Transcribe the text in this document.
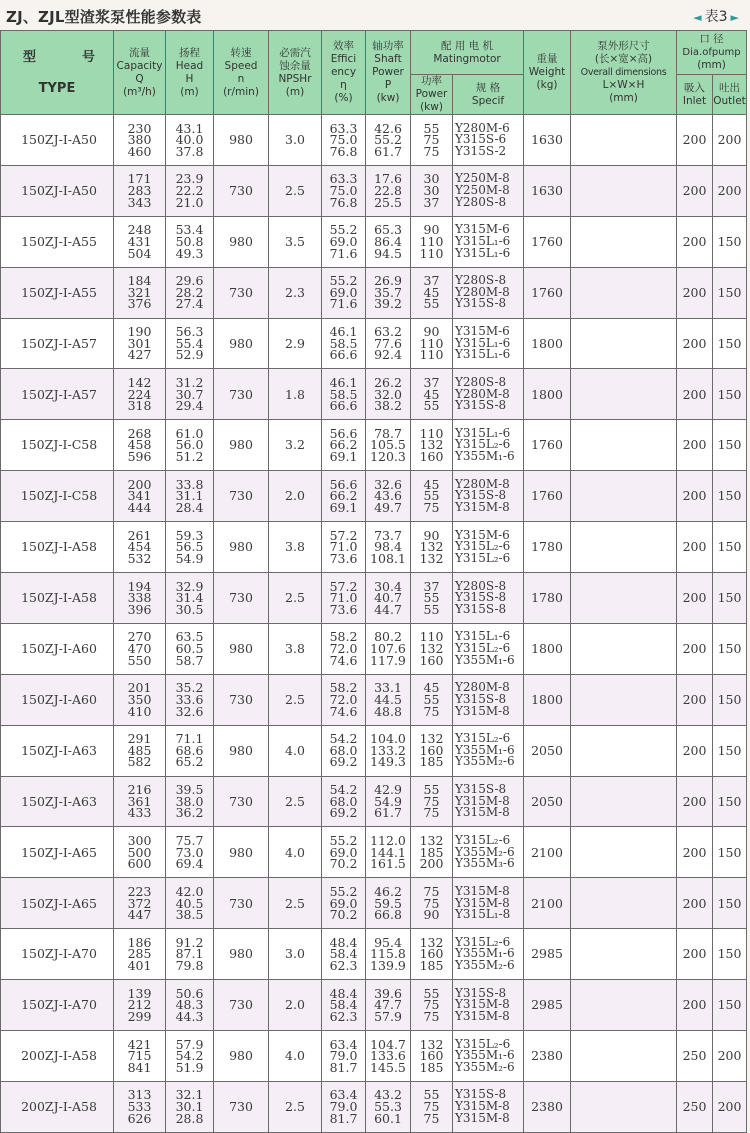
ZJ、ZJL型渣浆泵性能参数表	◄ 表3 ►
型 号
TYPE	流量
Capacity
Q
(m³/h)	扬程
Head
H
(m)	转速
Speed
n
(r/min)	必需汽
蚀余量
NPSHr
(m)	效率
Effici
ency
η
(%)	轴功率
Shaft
Power
P
(kw)	配 用 电 机
Matingmotor		重量
Weight
(kg)	泵外形尺寸
(长×宽×高)
Overall dimensions
L×W×H
(mm)	口 径
Dia.ofpump
(mm)	

							功率
Power
(kw)	规 格
Specif			吸入
Inlet	吐出
Outlet

150ZJ-I-A50	230
380
460	43.1
40.0
37.8	980	3.0	63.3
75.0
76.8	42.6
55.2
61.7	55
75
75	Y280M-6
Y315S-6
Y315S-2	1630		200	200
150ZJ-I-A50	171
283
343	23.9
22.2
21.0	730	2.5	63.3
75.0
76.8	17.6
22.8
25.5	30
30
37	Y250M-8
Y250M-8
Y280S-8	1630		200	200
150ZJ-I-A55	248
431
504	53.4
50.8
49.3	980	3.5	55.2
69.0
71.6	65.3
86.4
94.5	90
110
110	Y315M-6
Y315L₁-6
Y315L₁-6	1760		200	150
150ZJ-I-A55	184
321
376	29.6
28.2
27.4	730	2.3	55.2
69.0
71.6	26.9
35.7
39.2	37
45
55	Y280S-8
Y280M-8
Y315S-8	1760		200	150
150ZJ-I-A57	190
301
427	56.3
55.4
52.9	980	2.9	46.1
58.5
66.6	63.2
77.6
92.4	90
110
110	Y315M-6
Y315L₁-6
Y315L₁-6	1800		200	150
150ZJ-I-A57	142
224
318	31.2
30.7
29.4	730	1.8	46.1
58.5
66.6	26.2
32.0
38.2	37
45
55	Y280S-8
Y280M-8
Y315S-8	1800		200	150
150ZJ-I-C58	268
458
596	61.0
56.0
51.2	980	3.2	56.6
66.2
69.1	78.7
105.5
120.3	110
132
160	Y315L₁-6
Y315L₂-6
Y355M₁-6	1760		200	150
150ZJ-I-C58	200
341
444	33.8
31.1
28.4	730	2.0	56.6
66.2
69.1	32.6
43.6
49.7	45
55
75	Y280M-8
Y315S-8
Y315M-8	1760		200	150
150ZJ-I-A58	261
454
532	59.3
56.5
54.9	980	3.8	57.2
71.0
73.6	73.7
98.4
108.1	90
132
132	Y315M-6
Y315L₂-6
Y315L₂-6	1780		200	150
150ZJ-I-A58	194
338
396	32.9
31.4
30.5	730	2.5	57.2
71.0
73.6	30.4
40.7
44.7	37
55
55	Y280S-8
Y315S-8
Y315S-8	1780		200	150
150ZJ-I-A60	270
470
550	63.5
60.5
58.7	980	3.8	58.2
72.0
74.6	80.2
107.6
117.9	110
132
160	Y315L₁-6
Y315L₂-6
Y355M₁-6	1800		200	150
150ZJ-I-A60	201
350
410	35.2
33.6
32.6	730	2.5	58.2
72.0
74.6	33.1
44.5
48.8	45
55
75	Y280M-8
Y315S-8
Y315M-8	1800		200	150
150ZJ-I-A63	291
485
582	71.1
68.6
65.2	980	4.0	54.2
68.0
69.2	104.0
133.2
149.3	132
160
185	Y315L₂-6
Y355M₁-6
Y355M₂-6	2050		200	150
150ZJ-I-A63	216
361
433	39.5
38.0
36.2	730	2.5	54.2
68.0
69.2	42.9
54.9
61.7	55
75
75	Y315S-8
Y315M-8
Y315M-8	2050		200	150
150ZJ-I-A65	300
500
600	75.7
73.0
69.4	980	4.0	55.2
69.0
70.2	112.0
144.1
161.5	132
185
200	Y315L₂-6
Y355M₂-6
Y355M₃-6	2100		200	150
150ZJ-I-A65	223
372
447	42.0
40.5
38.5	730	2.5	55.2
69.0
70.2	46.2
59.5
66.8	75
75
90	Y315M-8
Y315M-8
Y315L₁-8	2100		200	150
150ZJ-I-A70	186
285
401	91.2
87.1
79.8	980	3.0	48.4
58.4
62.3	95.4
115.8
139.9	132
160
185	Y315L₂-6
Y355M₁-6
Y355M₂-6	2985		200	150
150ZJ-I-A70	139
212
299	50.6
48.3
44.3	730	2.0	48.4
58.4
62.3	39.6
47.7
57.9	55
75
75	Y315S-8
Y315M-8
Y315M-8	2985		200	150
200ZJ-I-A58	421
715
841	57.9
54.2
51.9	980	4.0	63.4
79.0
81.7	104.7
133.6
145.5	132
160
185	Y315L₂-6
Y355M₁-6
Y355M₂-6	2380		250	200
200ZJ-I-A58	313
533
626	32.1
30.1
28.8	730	2.5	63.4
79.0
81.7	43.2
55.3
60.1	55
75
75	Y315S-8
Y315M-8
Y315M-8	2380		250	200
